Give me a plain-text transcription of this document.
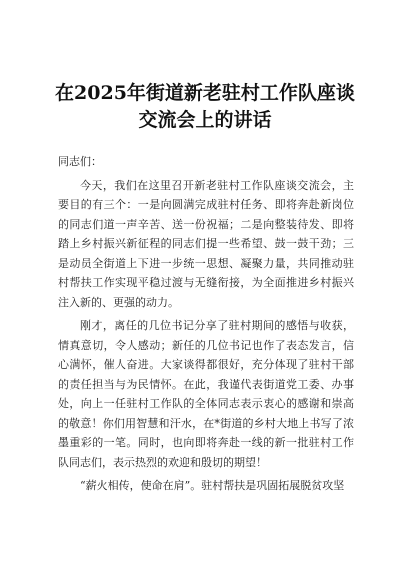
在2025年街道新老驻村工作队座谈交流会上的讲话

同志们：

今天，我们在这里召开新老驻村工作队座谈交流会，主要目的有三个：一是向圆满完成驻村任务、即将奔赴新岗位的同志们道一声辛苦、送一份祝福；二是向整装待发、即将踏上乡村振兴新征程的同志们提一些希望、鼓一鼓干劲；三是动员全街道上下进一步统一思想、凝聚力量，共同推动驻村帮扶工作实现平稳过渡与无缝衔接，为全面推进乡村振兴注入新的、更强的动力。

刚才，离任的几位书记分享了驻村期间的感悟与收获，情真意切，令人感动；新任的几位书记也作了表态发言，信心满怀，催人奋进。大家谈得都很好，充分体现了驻村干部的责任担当与为民情怀。在此，我谨代表街道党工委、办事处，向上一任驻村工作队的全体同志表示衷心的感谢和崇高的敬意！你们用智慧和汗水，在*街道的乡村大地上书写了浓墨重彩的一笔。同时，也向即将奔赴一线的新一批驻村工作队同志们，表示热烈的欢迎和殷切的期望！

“薪火相传，使命在肩”。驻村帮扶是巩固拓展脱贫攻坚
